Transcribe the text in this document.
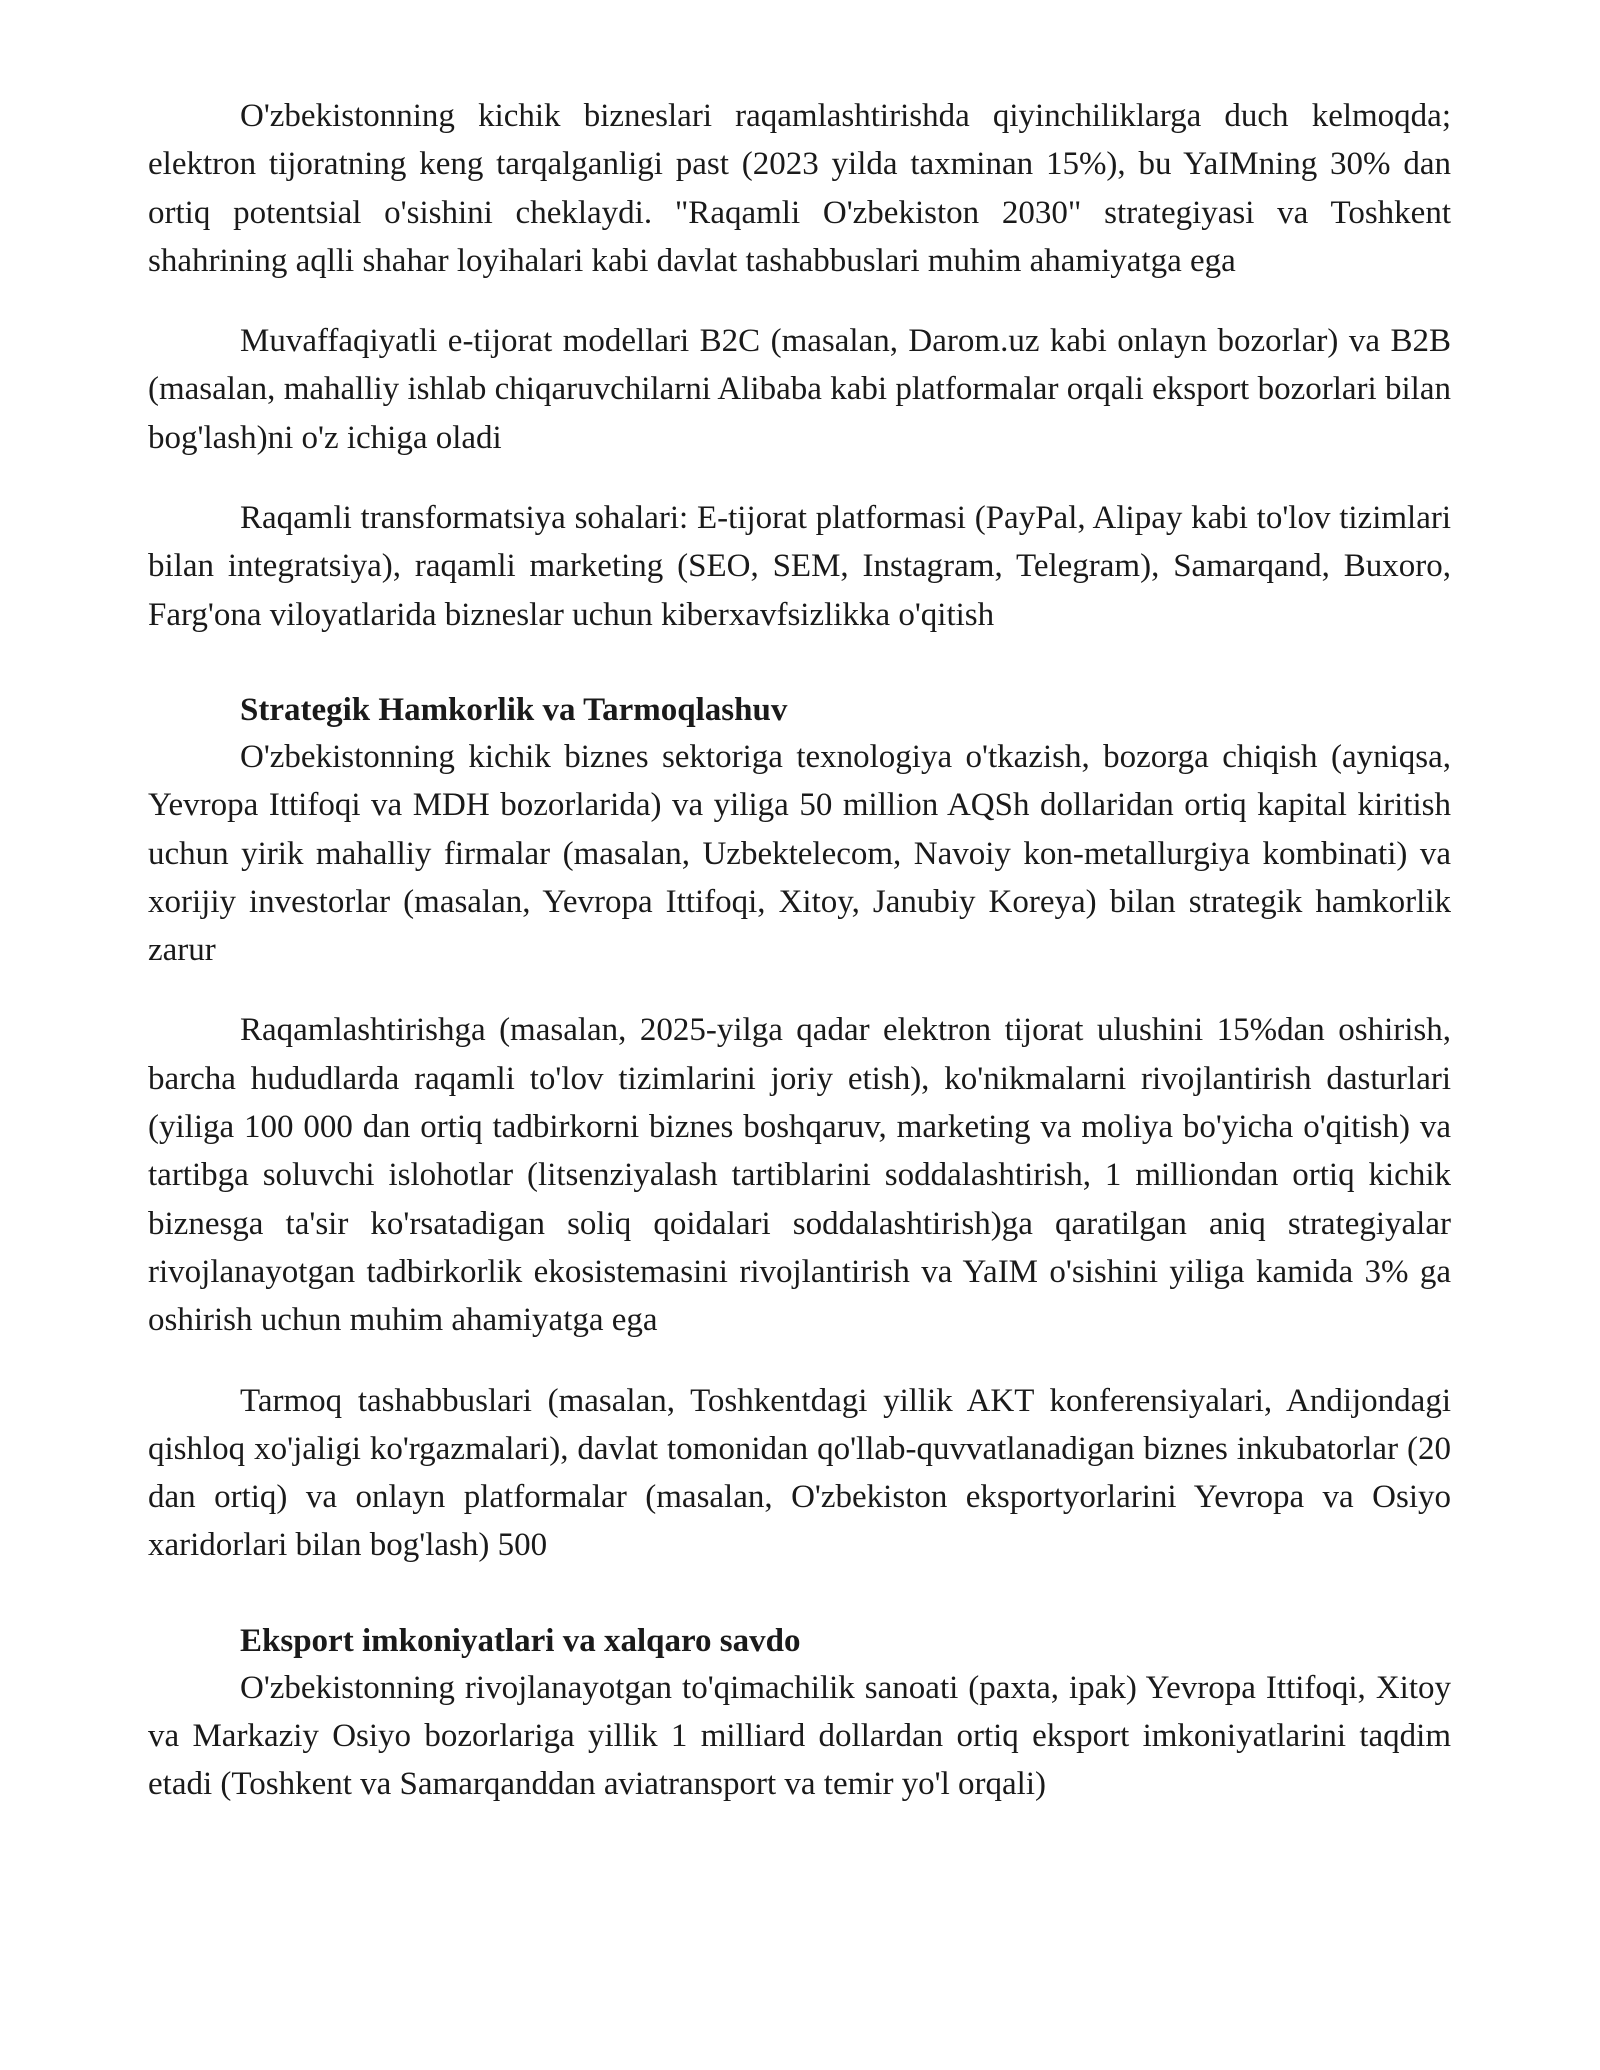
O'zbekistonning kichik bizneslari raqamlashtirishda qiyinchiliklarga duch kelmoqda; elektron tijoratning keng tarqalganligi past (2023 yilda taxminan 15%), bu YaIMning 30% dan ortiq potentsial o'sishini cheklaydi. "Raqamli O'zbekiston 2030" strategiyasi va Toshkent shahrining aqlli shahar loyihalari kabi davlat tashabbuslari muhim ahamiyatga ega

Muvaffaqiyatli e-tijorat modellari B2C (masalan, Darom.uz kabi onlayn bozorlar) va B2B (masalan, mahalliy ishlab chiqaruvchilarni Alibaba kabi platformalar orqali eksport bozorlari bilan bog'lash)ni o'z ichiga oladi

Raqamli transformatsiya sohalari: E-tijorat platformasi (PayPal, Alipay kabi to'lov tizimlari bilan integratsiya), raqamli marketing (SEO, SEM, Instagram, Telegram), Samarqand, Buxoro, Farg'ona viloyatlarida bizneslar uchun kiberxavfsizlikka o'qitish

Strategik Hamkorlik va Tarmoqlashuv

O'zbekistonning kichik biznes sektoriga texnologiya o'tkazish, bozorga chiqish (ayniqsa, Yevropa Ittifoqi va MDH bozorlarida) va yiliga 50 million AQSh dollaridan ortiq kapital kiritish uchun yirik mahalliy firmalar (masalan, Uzbektelecom, Navoiy kon-metallurgiya kombinati) va xorijiy investorlar (masalan, Yevropa Ittifoqi, Xitoy, Janubiy Koreya) bilan strategik hamkorlik zarur

Raqamlashtirishga (masalan, 2025-yilga qadar elektron tijorat ulushini 15%dan oshirish, barcha hududlarda raqamli to'lov tizimlarini joriy etish), ko'nikmalarni rivojlantirish dasturlari (yiliga 100 000 dan ortiq tadbirkorni biznes boshqaruv, marketing va moliya bo'yicha o'qitish) va tartibga soluvchi islohotlar (litsenziyalash tartiblarini soddalashtirish, 1 milliondan ortiq kichik biznesga ta'sir ko'rsatadigan soliq qoidalari soddalashtirish)ga qaratilgan aniq strategiyalar rivojlanayotgan tadbirkorlik ekosistemasini rivojlantirish va YaIM o'sishini yiliga kamida 3% ga oshirish uchun muhim ahamiyatga ega

Tarmoq tashabbuslari (masalan, Toshkentdagi yillik AKT konferensiyalari, Andijondagi qishloq xo'jaligi ko'rgazmalari), davlat tomonidan qo'llab-quvvatlanadigan biznes inkubatorlar (20 dan ortiq) va onlayn platformalar (masalan, O'zbekiston eksportyorlarini Yevropa va Osiyo xaridorlari bilan bog'lash) 500

Eksport imkoniyatlari va xalqaro savdo

O'zbekistonning rivojlanayotgan to'qimachilik sanoati (paxta, ipak) Yevropa Ittifoqi, Xitoy va Markaziy Osiyo bozorlariga yillik 1 milliard dollardan ortiq eksport imkoniyatlarini taqdim etadi (Toshkent va Samarqanddan aviatransport va temir yo'l orqali)
